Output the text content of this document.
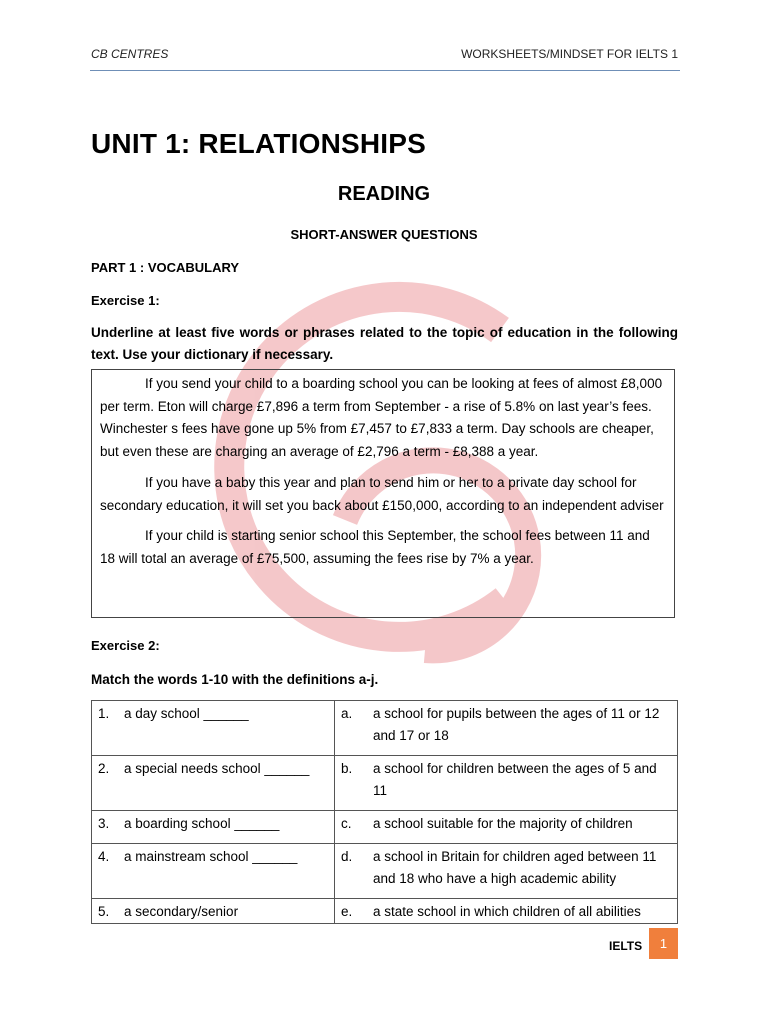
CB CENTRES	WORKSHEETS/MINDSET FOR IELTS 1
UNIT 1: RELATIONSHIPS
READING
SHORT-ANSWER QUESTIONS
PART 1 : VOCABULARY
Exercise 1:
Underline at least five words or phrases related to the topic of education in the following text. Use your dictionary if necessary.

If you send your child to a boarding school you can be looking at fees of almost £8,000 per term. Eton will charge £7,896 a term from September - a rise of 5.8% on last year’s fees. Winchester s fees have gone up 5% from £7,457 to £7,833 a term. Day schools are cheaper, but even these are charging an average of £2,796 a term - £8,388 a year.

If you have a baby this year and plan to send him or her to a private day school for secondary education, it will set you back about £150,000, according to an independent adviser

If your child is starting senior school this September, the school fees between 11 and 18 will total an average of £75,500, assuming the fees rise by 7% a year.

Exercise 2:
Match the words 1-10 with the definitions a-j.
1. a day school ______	a. a school for pupils between the ages of 11 or 12 and 17 or 18

2. a special needs school ______	b. a school for children between the ages of 5 and 11

3. a boarding school ______	c. a school suitable for the majority of children

4. a mainstream school ______	d. a school in Britain for children aged between 11 and 18 who have a high academic ability

5. a secondary/senior	e. a state school in which children of all abilities
IELTS	1
